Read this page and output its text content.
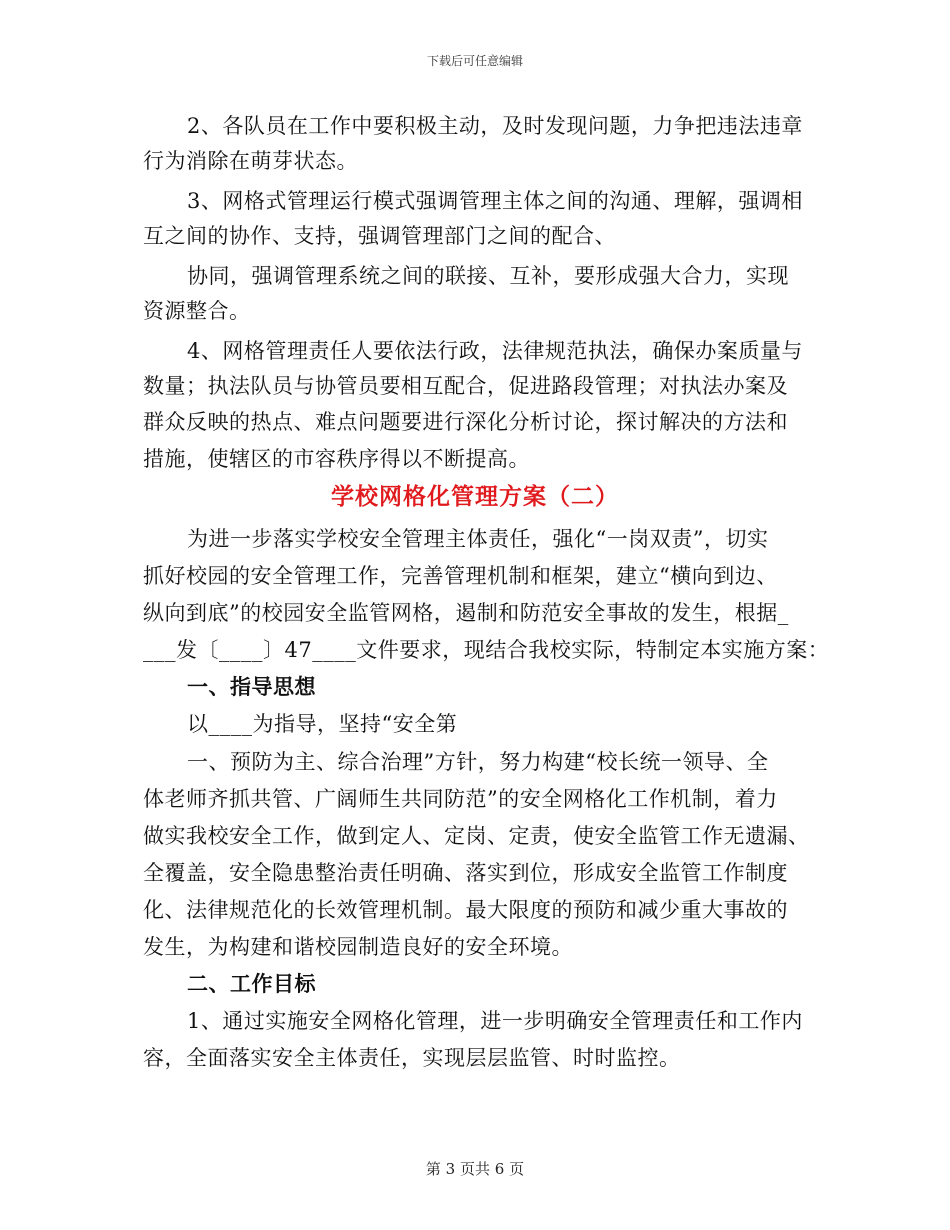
下载后可任意编辑
2、各队员在工作中要积极主动，及时发现问题，力争把违法违章
行为消除在萌芽状态。
3、网格式管理运行模式强调管理主体之间的沟通、理解，强调相
互之间的协作、支持，强调管理部门之间的配合、
协同，强调管理系统之间的联接、互补，要形成强大合力，实现
资源整合。
4、网格管理责任人要依法行政，法律规范执法，确保办案质量与
数量；执法队员与协管员要相互配合，促进路段管理；对执法办案及
群众反映的热点、难点问题要进行深化分析讨论，探讨解决的方法和
措施，使辖区的市容秩序得以不断提高。
学校网格化管理方案（二）
为进一步落实学校安全管理主体责任，强化“一岗双责”，切实
抓好校园的安全管理工作，完善管理机制和框架，建立“横向到边、
纵向到底”的校园安全监管网格，遏制和防范安全事故的发生，根据_
___发〔____〕47____文件要求，现结合我校实际，特制定本实施方案：
一、指导思想
以____为指导，坚持“安全第
一、预防为主、综合治理”方针，努力构建“校长统一领导、全
体老师齐抓共管、广阔师生共同防范”的安全网格化工作机制，着力
做实我校安全工作，做到定人、定岗、定责，使安全监管工作无遗漏、
全覆盖，安全隐患整治责任明确、落实到位，形成安全监管工作制度
化、法律规范化的长效管理机制。最大限度的预防和减少重大事故的
发生，为构建和谐校园制造良好的安全环境。
二、工作目标
1、通过实施安全网格化管理，进一步明确安全管理责任和工作内
容，全面落实安全主体责任，实现层层监管、时时监控。
第 3 页共 6 页
